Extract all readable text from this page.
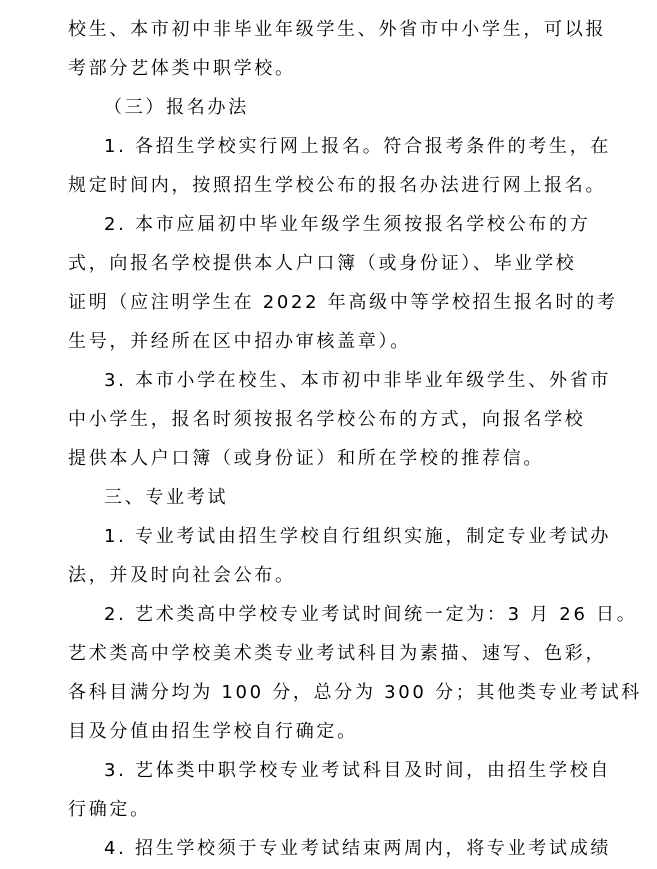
校生、本市初中非毕业年级学生、外省市中小学生，可以报

考部分艺体类中职学校。

（三）报名办法

1. 各招生学校实行网上报名。符合报考条件的考生，在

规定时间内，按照招生学校公布的报名办法进行网上报名。

2. 本市应届初中毕业年级学生须按报名学校公布的方

式，向报名学校提供本人户口簿（或身份证）、毕业学校

证明（应注明学生在 2022 年高级中等学校招生报名时的考

生号，并经所在区中招办审核盖章）。

3. 本市小学在校生、本市初中非毕业年级学生、外省市

中小学生，报名时须按报名学校公布的方式，向报名学校

提供本人户口簿（或身份证）和所在学校的推荐信。

三、专业考试

1. 专业考试由招生学校自行组织实施，制定专业考试办

法，并及时向社会公布。

2. 艺术类高中学校专业考试时间统一定为：3 月 26 日。

艺术类高中学校美术类专业考试科目为素描、速写、色彩，

各科目满分均为 100 分，总分为 300 分；其他类专业考试科

目及分值由招生学校自行确定。

3. 艺体类中职学校专业考试科目及时间，由招生学校自

行确定。

4. 招生学校须于专业考试结束两周内，将专业考试成绩
